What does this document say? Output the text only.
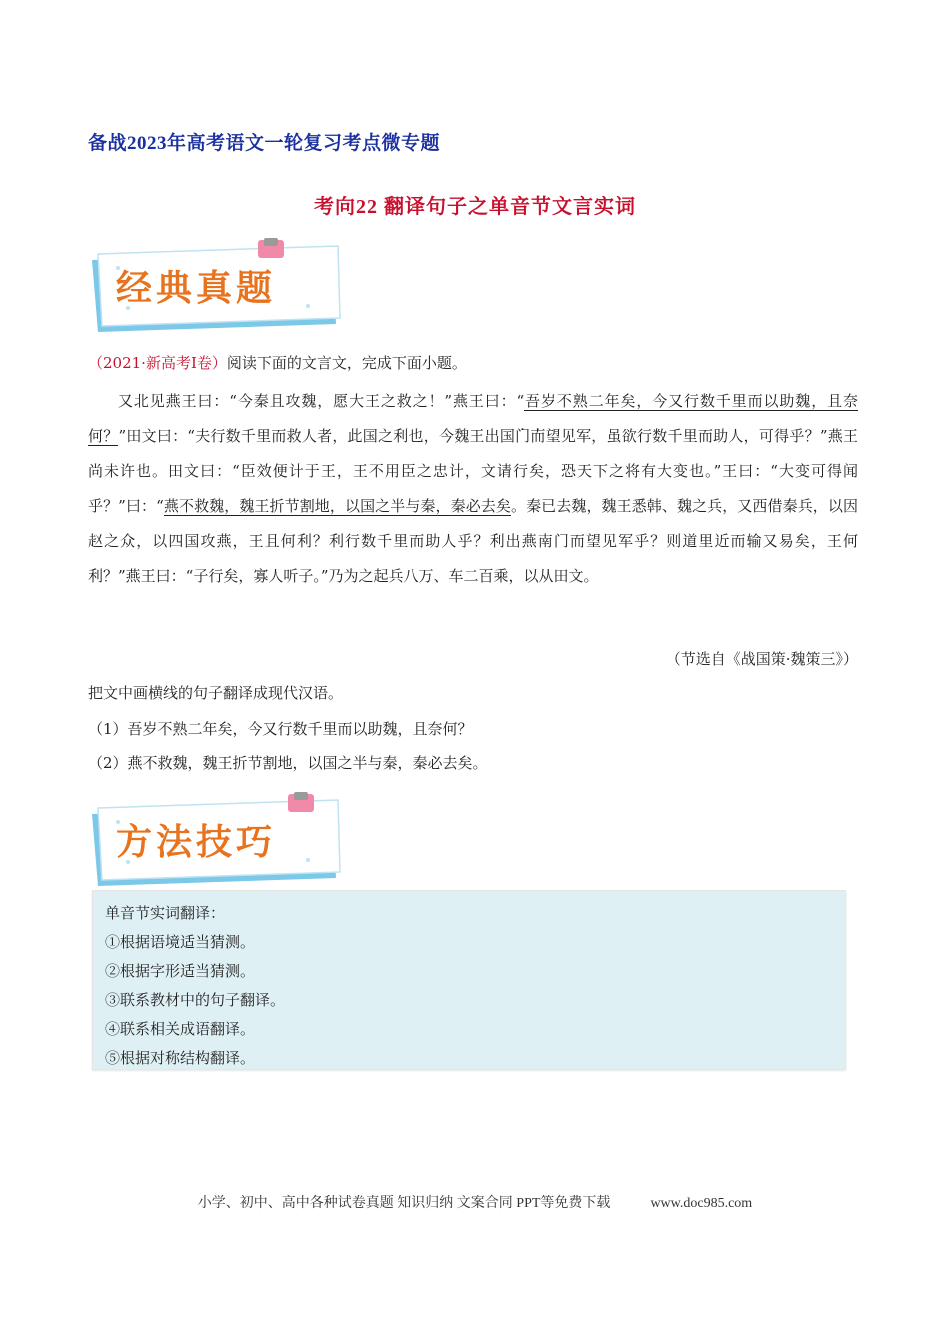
备战2023年高考语文一轮复习考点微专题
考向22 翻译句子之单音节文言实词
经典真题
（2021·新高考I卷）阅读下面的文言文，完成下面小题。
又北见燕王曰：“今秦且攻魏，愿大王之救之！”燕王曰：“吾岁不熟二年矣，今又行数千里而以助魏，且奈何？”田文曰：“夫行数千里而救人者，此国之利也，今魏王出国门而望见军，虽欲行数千里而助人，可得乎？”燕王尚未许也。田文曰：“臣效便计于王，王不用臣之忠计，文请行矣，恐天下之将有大变也。”王曰：“大变可得闻乎？”曰：“燕不救魏，魏王折节割地，以国之半与秦，秦必去矣。秦已去魏，魏王悉韩、魏之兵，又西借秦兵，以因赵之众，以四国攻燕，王且何利？利行数千里而助人乎？利出燕南门而望见军乎？则道里近而输又易矣，王何利？”燕王曰：“子行矣，寡人听子。”乃为之起兵八万、车二百乘，以从田文。
（节选自《战国策·魏策三》）
把文中画横线的句子翻译成现代汉语。
（1）吾岁不熟二年矣，今又行数千里而以助魏，且奈何？
（2）燕不救魏，魏王折节割地，以国之半与秦，秦必去矣。
方法技巧
单音节实词翻译：
①根据语境适当猜测。
②根据字形适当猜测。
③联系教材中的句子翻译。
④联系相关成语翻译。
⑤根据对称结构翻译。
小学、初中、高中各种试卷真题 知识归纳 文案合同 PPT等免费下载	www.doc985.com
